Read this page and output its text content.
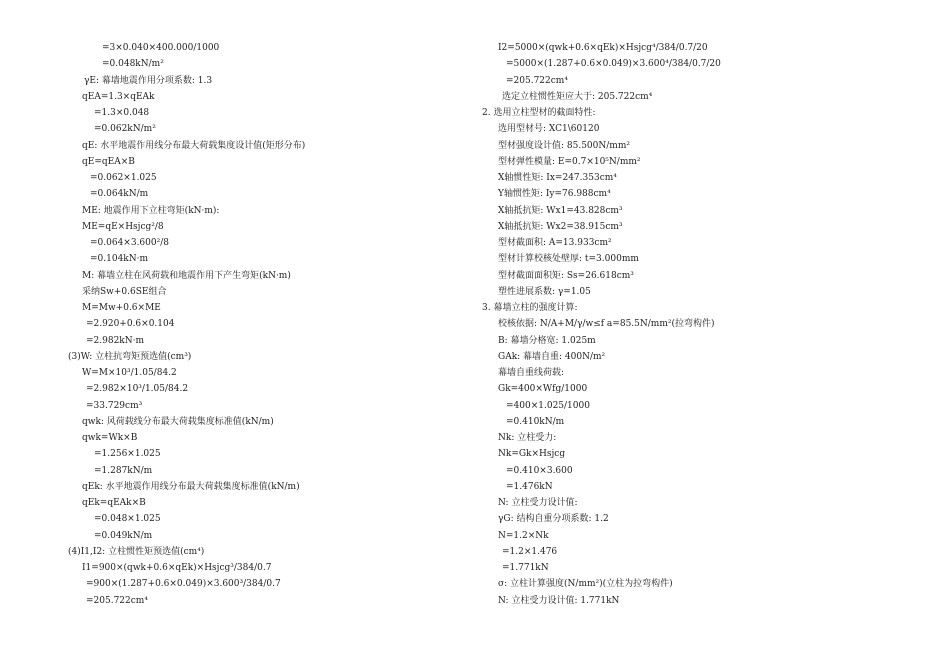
=3×0.040×400.000/1000
=0.048kN/m²
γE: 幕墙地震作用分项系数: 1.3
qEA=1.3×qEAk
=1.3×0.048
=0.062kN/m²
qE: 水平地震作用线分布最大荷载集度设计值(矩形分布)
qE=qEA×B
=0.062×1.025
=0.064kN/m
ME: 地震作用下立柱弯矩(kN·m):
ME=qE×Hsjcg²/8
=0.064×3.600²/8
=0.104kN·m
M: 幕墙立柱在风荷载和地震作用下产生弯矩(kN·m)
采纳Sw+0.6SE组合
M=Mw+0.6×ME
=2.920+0.6×0.104
=2.982kN·m
(3)W: 立柱抗弯矩预选值(cm³)
W=M×10³/1.05/84.2
=2.982×10³/1.05/84.2
=33.729cm³
qwk: 风荷载线分布最大荷载集度标准值(kN/m)
qwk=Wk×B
=1.256×1.025
=1.287kN/m
qEk: 水平地震作用线分布最大荷载集度标准值(kN/m)
qEk=qEAk×B
=0.048×1.025
=0.049kN/m
(4)I1,I2: 立柱惯性矩预选值(cm⁴)
I1=900×(qwk+0.6×qEk)×Hsjcg³/384/0.7
=900×(1.287+0.6×0.049)×3.600³/384/0.7
=205.722cm⁴
I2=5000×(qwk+0.6×qEk)×Hsjcg⁴/384/0.7/20
=5000×(1.287+0.6×0.049)×3.600⁴/384/0.7/20
=205.722cm⁴
选定立柱惯性矩应大于: 205.722cm⁴
2. 选用立柱型材的截面特性:
选用型材号: XC1\60120
型材强度设计值: 85.500N/mm²
型材弹性模量: E=0.7×10⁵N/mm²
X轴惯性矩: Ix=247.353cm⁴
Y轴惯性矩: Iy=76.988cm⁴
X轴抵抗矩: Wx1=43.828cm³
X轴抵抗矩: Wx2=38.915cm³
型材截面积: A=13.933cm²
型材计算校核处壁厚: t=3.000mm
型材截面面积矩: Ss=26.618cm³
塑性进展系数: γ=1.05
3. 幕墙立柱的强度计算:
校核依据: N/A+M/γ/w≤f a=85.5N/mm²(拉弯构件)
B: 幕墙分格宽: 1.025m
GAk: 幕墙自重: 400N/m²
幕墙自重线荷载:
Gk=400×Wfg/1000
=400×1.025/1000
=0.410kN/m
Nk: 立柱受力:
Nk=Gk×Hsjcg
=0.410×3.600
=1.476kN
N: 立柱受力设计值:
γG: 结构自重分项系数: 1.2
N=1.2×Nk
=1.2×1.476
=1.771kN
σ: 立柱计算强度(N/mm²)(立柱为拉弯构件)
N: 立柱受力设计值: 1.771kN
